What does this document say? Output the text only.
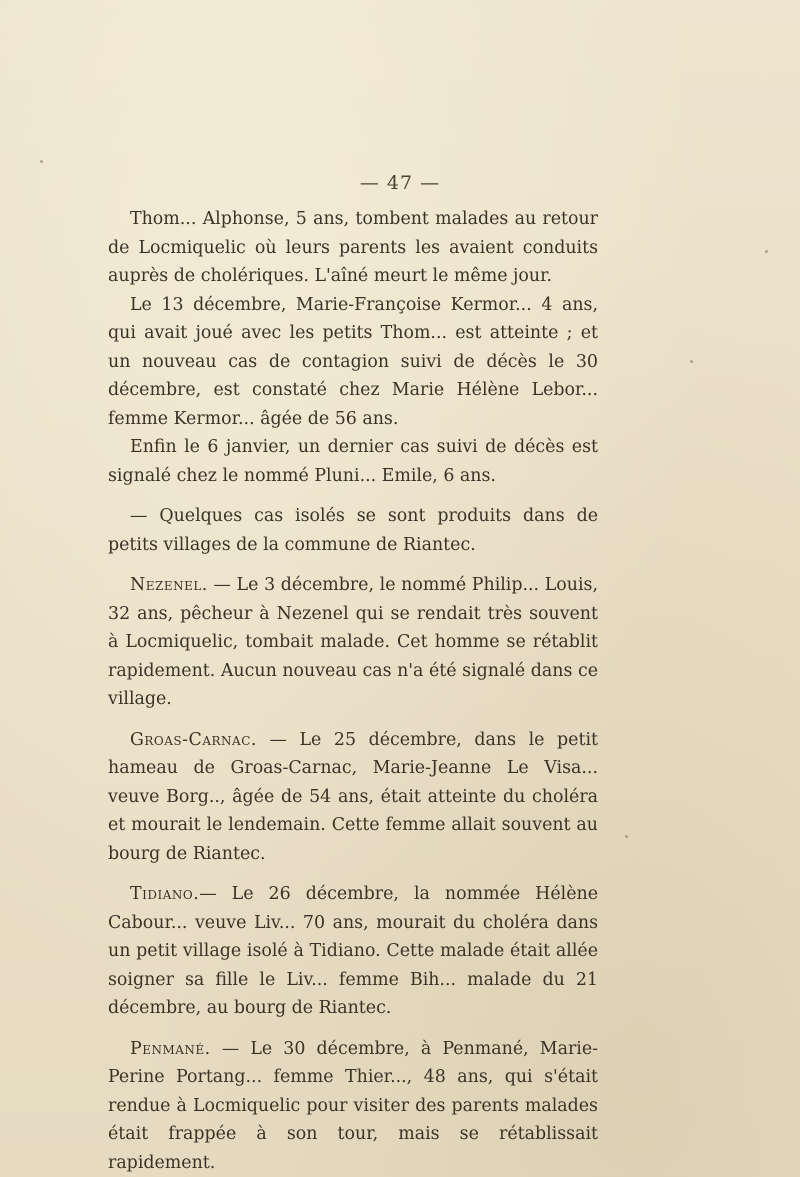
— 47 —

Thom... Alphonse, 5 ans, tombent malades au retour de Locmiquelic où leurs parents les avaient conduits auprès de cholériques. L'aîné meurt le même jour.

Le 13 décembre, Marie-Françoise Kermor... 4 ans, qui avait joué avec les petits Thom... est atteinte ; et un nouveau cas de contagion suivi de décès le 30 décembre, est constaté chez Marie Hélène Lebor... femme Kermor... âgée de 56 ans.

Enfin le 6 janvier, un dernier cas suivi de décès est signalé chez le nommé Pluni... Emile, 6 ans.

— Quelques cas isolés se sont produits dans de petits villages de la commune de Riantec.

Nezenel. — Le 3 décembre, le nommé Philip... Louis, 32 ans, pêcheur à Nezenel qui se rendait très souvent à Locmiquelic, tombait malade. Cet homme se rétablit rapidement. Aucun nouveau cas n'a été signalé dans ce village.

Groas-Carnac. — Le 25 décembre, dans le petit hameau de Groas-Carnac, Marie-Jeanne Le Visa... veuve Borg.., âgée de 54 ans, était atteinte du choléra et mourait le lendemain. Cette femme allait souvent au bourg de Riantec.

Tidiano.— Le 26 décembre, la nommée Hélène Cabour... veuve Liv... 70 ans, mourait du choléra dans un petit village isolé à Tidiano. Cette malade était allée soigner sa fille le Liv... femme Bih... malade du 21 décembre, au bourg de Riantec.

Penmané. — Le 30 décembre, à Penmané, Marie-Perine Portang... femme Thier..., 48 ans, qui s'était rendue à Locmiquelic pour visiter des parents malades était frappée à son tour, mais se rétablissait rapidement.
